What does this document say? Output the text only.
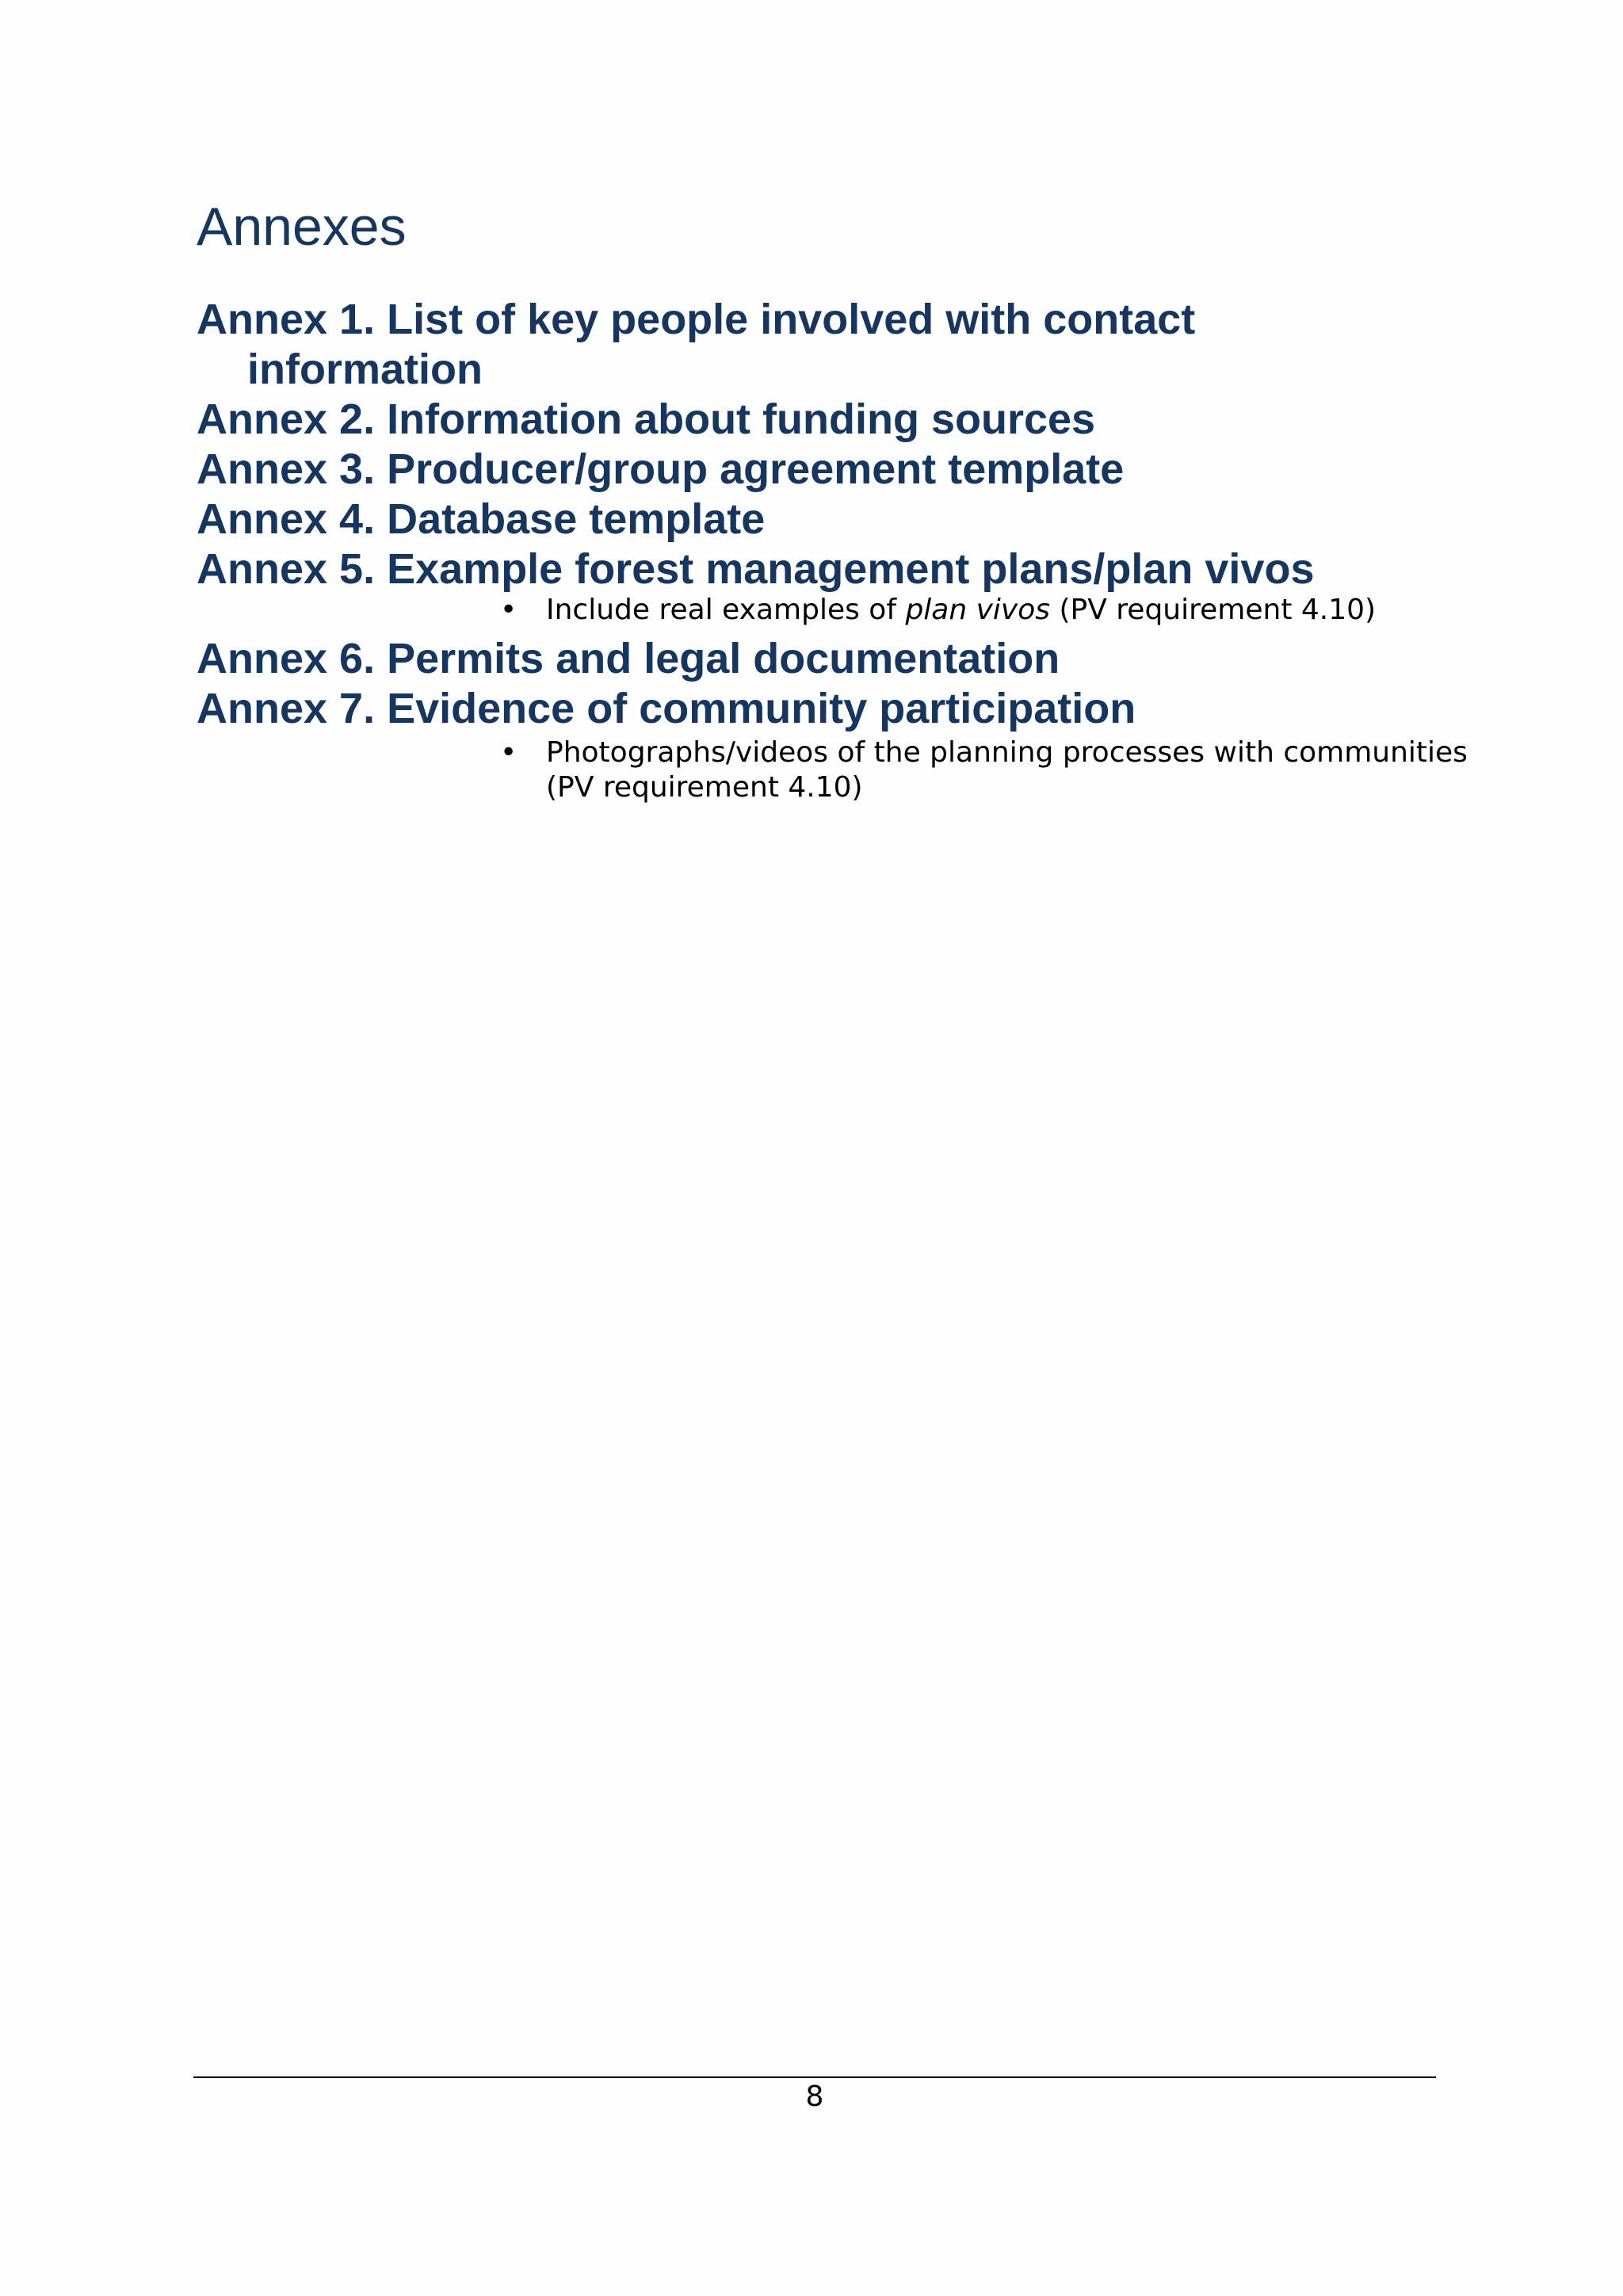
Annexes
Annex 1. List of key people involved with contact information
Annex 2. Information about funding sources
Annex 3. Producer/group agreement template
Annex 4. Database template
Annex 5. Example forest management plans/plan vivos
• Include real examples of plan vivos (PV requirement 4.10)
Annex 6. Permits and legal documentation
Annex 7. Evidence of community participation
• Photographs/videos of the planning processes with communities (PV requirement 4.10)
8
